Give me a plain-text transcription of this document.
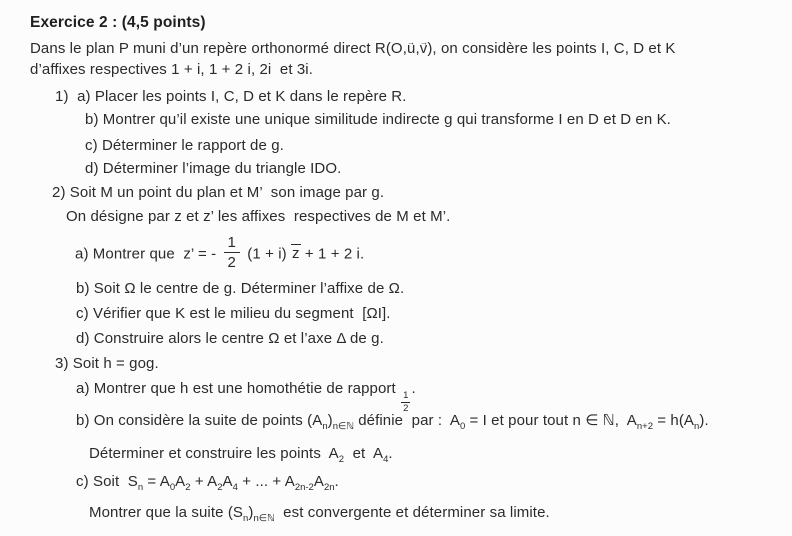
Exercice 2 : (4,5 points)
Dans le plan P muni d’un repère orthonormé direct R(O,→ u,→ v), on considère les points I, C, D et K
d’affixes respectives 1 + i, 1 + 2 i, 2i  et 3i.
1)  a) Placer les points I, C, D et K dans le repère R.
b) Montrer qu’il existe une unique similitude indirecte g qui transforme I en D et D en K.
c) Déterminer le rapport de g.
d) Déterminer l’image du triangle IDO.
2) Soit M un point du plan et M’  son image par g.
On désigne par z et z’ les affixes  respectives de M et M’.
a) Montrer que  z’ = - $\frac{1}{2} (1 + i) z + 1 + 2$ i.
b) Soit Ω le centre de g. Déterminer l’affixe de Ω.
c) Vérifier que K est le milieu du segment  [ΩI].
d) Construire alors le centre Ω et l’axe Δ de g.
3) Soit h = gog.
a) Montrer que h est une homothétie de rapport
$\frac{1}{2}$
.
b) On considère la suite de points $(A_n)_{n\in ℕ}$ définie  par :  $A_0 = I$ et pour tout n ∈ ℕ,  $A_{n+2} = h(A_n)$.
Déterminer et construire les points  $A_2$  et  $A_4$.
c) Soit  $S_n = A_0A_2 + A_2A_4$ + ... + $A_{2n-2}A_{2n}$.
Montrer que la suite $(S_n)_{n\in ℕ}$  est convergente et déterminer sa limite.
